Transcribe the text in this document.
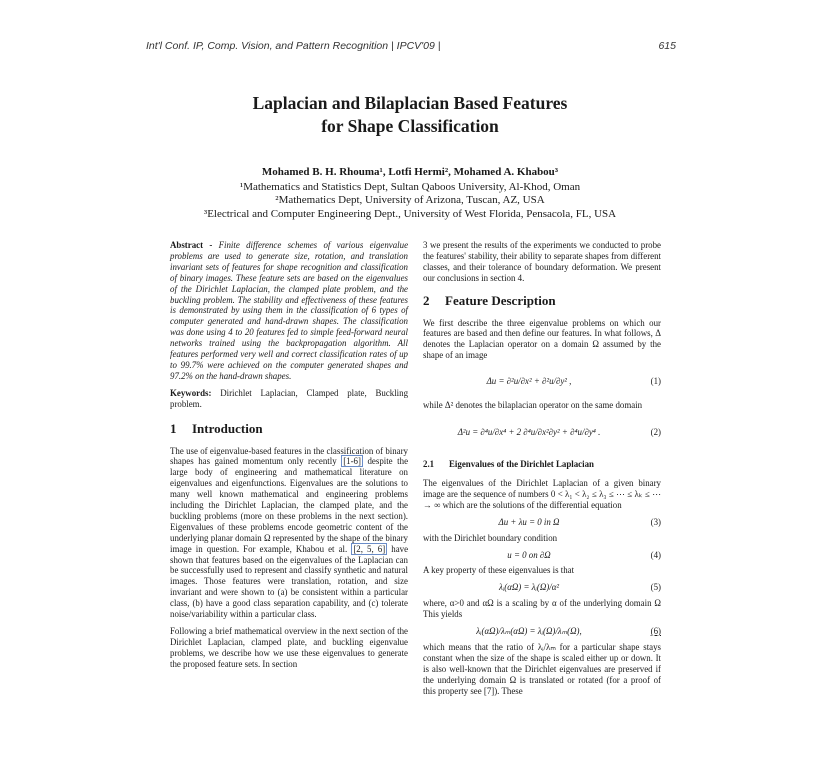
Int'l Conf. IP, Comp. Vision, and Pattern Recognition | IPCV'09 |	615
Laplacian and Bilaplacian Based Features
for Shape Classification
Mohamed B. H. Rhouma¹, Lotfi Hermi², Mohamed A. Khabou³
¹Mathematics and Statistics Dept, Sultan Qaboos University, Al-Khod, Oman
²Mathematics Dept, University of Arizona, Tuscan, AZ, USA
³Electrical and Computer Engineering Dept., University of West Florida, Pensacola, FL, USA

Abstract - Finite difference schemes of various eigenvalue problems are used to generate size, rotation, and translation invariant sets of features for shape recognition and classification of binary images. These feature sets are based on the eigenvalues of the Dirichlet Laplacian, the clamped plate problem, and the buckling problem. The stability and effectiveness of these features is demonstrated by using them in the classification of 6 types of computer generated and hand-drawn shapes. The classification was done using 4 to 20 features fed to simple feed-forward neural networks trained using the backpropagation algorithm. All features performed very well and correct classification rates of up to 99.7% were achieved on the computer generated shapes and 97.2% on the hand-drawn shapes.

Keywords: Dirichlet Laplacian, Clamped plate, Buckling problem.

1 Introduction

The use of eigenvalue-based features in the classification of binary shapes has gained momentum only recently [1-6] despite the large body of engineering and mathematical literature on eigenvalues and eigenfunctions. Eigenvalues are the solutions to many well known mathematical and engineering problems including the Dirichlet Laplacian, the clamped plate, and the buckling problems (more on these problems in the next section). Eigenvalues of these problems encode geometric content of the underlying planar domain Ω represented by the shape of the binary image in question. For example, Khabou et al. [2, 5, 6] have shown that features based on the eigenvalues of the Laplacian can be successfully used to represent and classify synthetic and natural images. Those features were translation, rotation, and size invariant and were shown to (a) be consistent within a particular class, (b) have a good class separation capability, and (c) tolerate noise/variability within a particular class.

Following a brief mathematical overview in the next section of the Dirichlet Laplacian, clamped plate, and buckling eigenvalue problems, we describe how we use these eigenvalues to generate the proposed feature sets. In section

3 we present the results of the experiments we conducted to probe the features' stability, their ability to separate shapes from different classes, and their tolerance of boundary deformation. We present our conclusions in section 4.

2 Feature Description

We first describe the three eigenvalue problems on which our features are based and then define our features. In what follows, Δ denotes the Laplacian operator on a domain Ω assumed by the shape of an image

Δu = ∂²u/∂x² + ∂²u/∂y² ,	(1)

while Δ² denotes the bilaplacian operator on the same domain

Δ²u = ∂⁴u/∂x⁴ + 2 ∂⁴u/∂x²∂y² + ∂⁴u/∂y⁴ .	(2)
2.1 Eigenvalues of the Dirichlet Laplacian

The eigenvalues of the Dirichlet Laplacian of a given binary image are the sequence of numbers 0 < λ₁ < λ₂ ≤ λ₃ ≤ ⋯ ≤ λₖ ≤ ⋯ → ∞ which are the solutions of the differential equation

Δu + λu = 0 in Ω	(3)

with the Dirichlet boundary condition

u = 0 on ∂Ω	(4)

A key property of these eigenvalues is that

λᵢ(αΩ) = λᵢ(Ω)/α²	(5)

where, α>0 and αΩ is a scaling by α of the underlying domain Ω This yields

λᵢ(αΩ)/λₘ(αΩ) = λᵢ(Ω)/λₘ(Ω),	(6)

which means that the ratio of λᵢ/λₘ for a particular shape stays constant when the size of the shape is scaled either up or down. It is also well-known that the Dirichlet eigenvalues are preserved if the underlying domain Ω is translated or rotated (for a proof of this property see [7]). These
